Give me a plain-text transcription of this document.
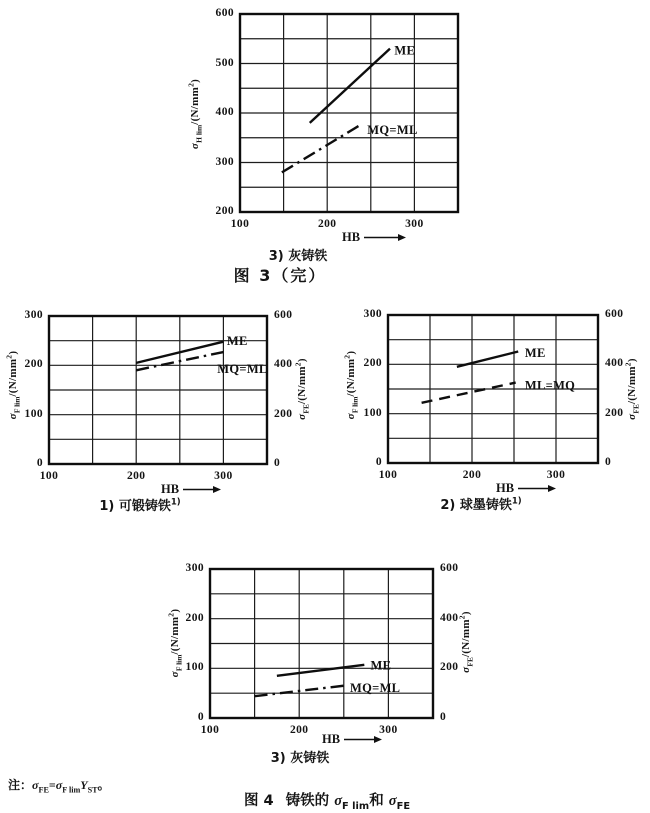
ME
MQ=ML
$\sigma_{H lim}/(N/mm^2)$
HB
3) 灰铸铁
图 3（完）
100	200	300
200
300
400
500
600
ME
MQ=ML
$\sigma_{F lim}/(N/mm^2)$
$\sigma_{FE}/(N/mm^2)$
HB
1) 可锻铸铁$^{1)}$
100	200	300
0
100
200
300
0
200
400
600
ME
ML=MQ
$\sigma_{F lim}/(N/mm^2)$
$\sigma_{FE}/(N/mm^2)$
HB
2) 球墨铸铁$^{1)}$
100	200	300
0
100
200
300
0
200
400
600
ME
MQ=ML
$\sigma_{F lim}/(N/mm^2)$
$\sigma_{FE}/(N/mm^2)$
HB
3) 灰铸铁
100	200	300
0
100
200
300
0
200
400
600
注：$\sigma_{FE}=\sigma_{F lim}Y_{ST}$。
图 4 铸铁的 $\sigma_{F lim}$和 $\sigma_{FE}$
